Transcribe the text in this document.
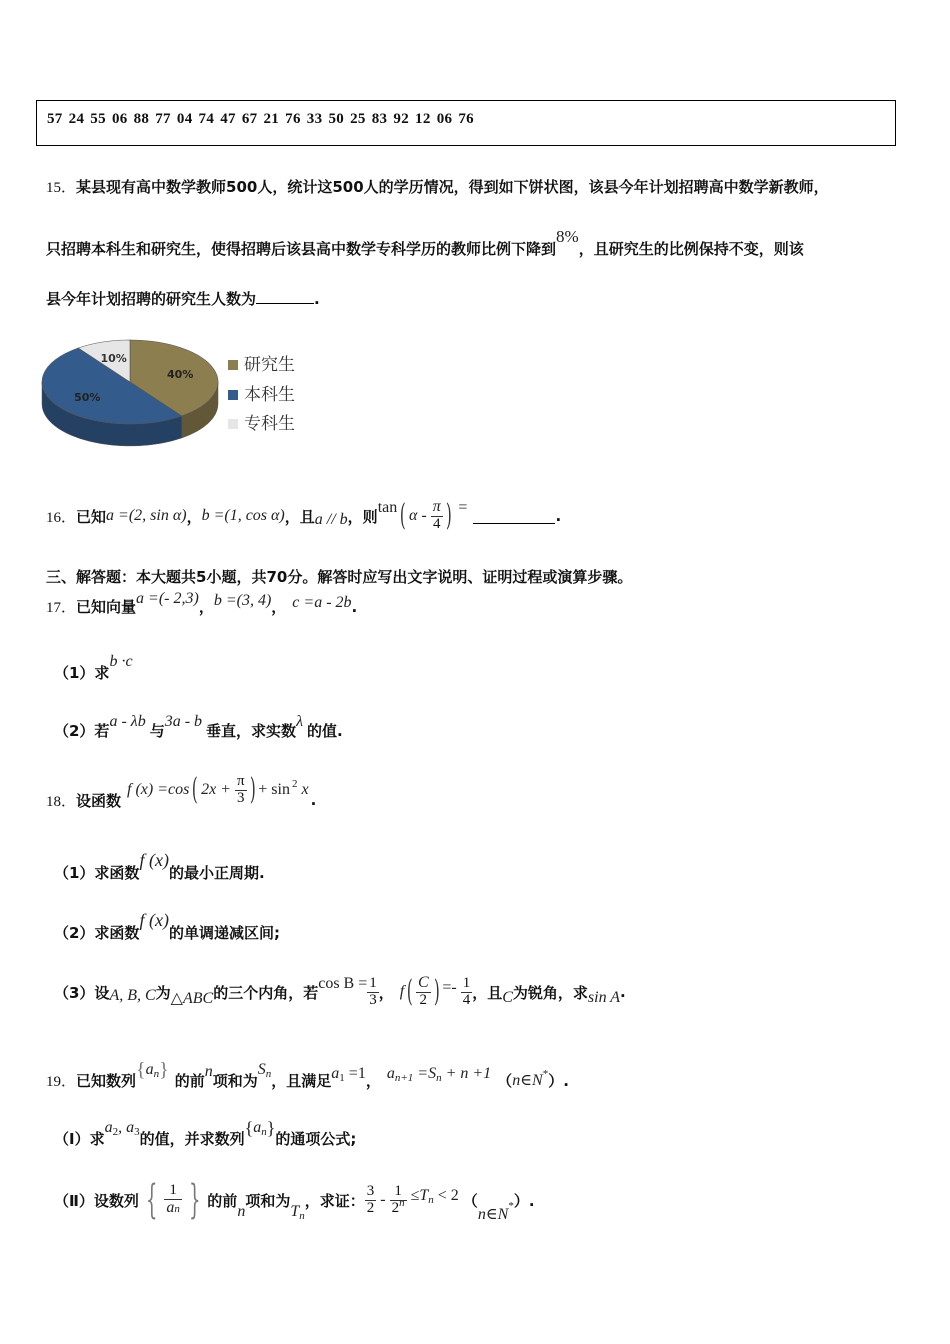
57 24 55 06 88 77 04 74 47 67 21 76 33 50 25 83 92 12 06 76
15．某县现有高中数学教师500人，统计这500人的学历情况，得到如下饼状图，该县今年计划招聘高中数学新教师，
只招聘本科生和研究生，使得招聘后该县高中数学专科学历的教师比例下降到8%，且研究生的比例保持不变，则该
县今年计划招聘的研究生人数为	.
40%
50%
10%	研究生
本科生
专科生
16． 已知 a =(2, sin α) ， b =(1, cos α) ，且 a // b ，则 tan ( α - $\frac{\pi}{4}$ ) =	.
三、解答题：本大题共5小题，共70分。解答时应写出文字说明、证明过程或演算步骤。
17． 已知向量 a =(- 2,3) ， b =(3, 4) ， c =a - 2b .
（1）求b ·c
（2）若a - λb与3a - b垂直，求实数λ的值.
18． 设函数
f (x) =cos ( $2x + \frac{\pi}{3}$ ) + sin 2 x
.
（1）求函数f (x)的最小正周期.
（2）求函数f (x)的单调递减区间;
（3）设 A, B, C 为 △ABC 的三个内角，若 $\cos B = \frac{1}{3}$ ， f ( $\frac{C}{2}$ ) =- $\frac{1}{4}$ ，且 C 为锐角，求 sin A .
19． 已知数列 { a n } 的前 n 项和为
S n ，且满足 a 1 =1 ， a n+1 =S n + n +1 （ n∈N * ）.
（Ⅰ）求
a 2 , a 3 的值，并求数列
{ a n }
的通项公式;
（Ⅱ）设数列 { $\frac{1}{an}$ } 的前
n
项和为
T n
，求证： $\frac{3}{2} - \frac{1}{2^n} \le T$ n < 2 （
n∈N * ）.
